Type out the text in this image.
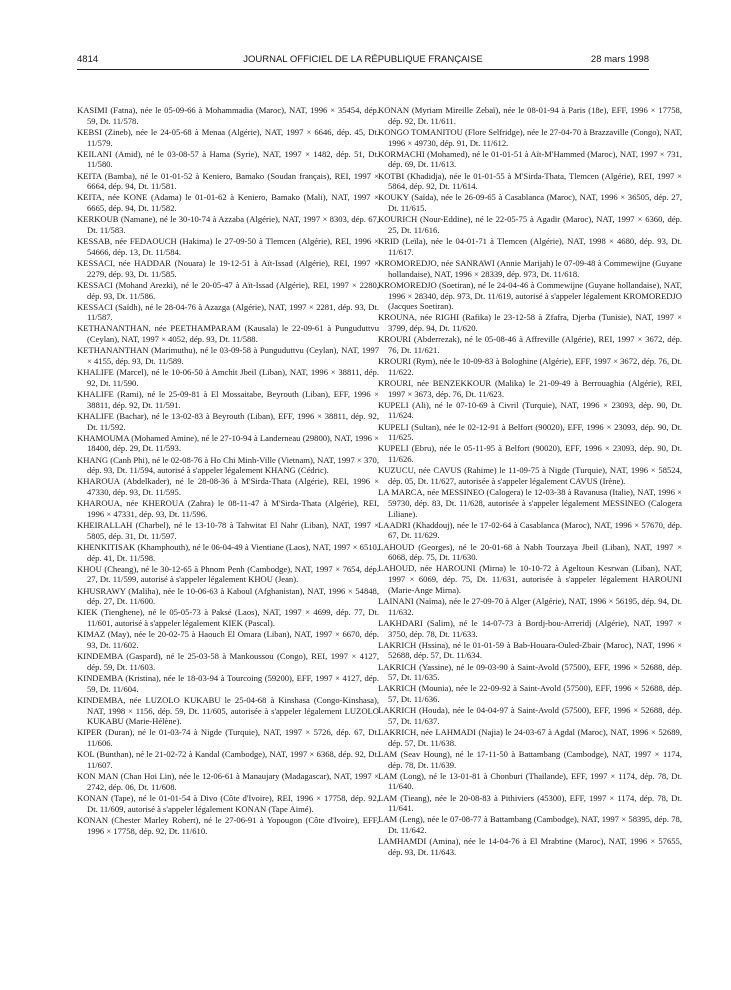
4814	JOURNAL OFFICIEL DE LA RÉPUBLIQUE FRANÇAISE	28 mars 1998

KASIMI (Fatna), née le 05-09-66 à Mohammadia (Maroc), NAT, 1996 × 35454, dép. 59, Dt. 11/578.

KEBSI (Zineb), née le 24-05-68 à Menaa (Algérie), NAT, 1997 × 6646, dép. 45, Dt. 11/579.

KEILANI (Amid), né le 03-08-57 à Hama (Syrie), NAT, 1997 × 1482, dép. 51, Dt. 11/580.

KEITA (Bamba), né le 01-01-52 à Keniero, Bamako (Soudan français), REI, 1997 × 6664, dép. 94, Dt. 11/581.

KEITA, née KONE (Adama) le 01-01-62 à Keniero, Bamako (Mali), NAT, 1997 × 6665, dép. 94, Dt. 11/582.

KERKOUB (Namane), né le 30-10-74 à Azzaba (Algérie), NAT, 1997 × 8303, dép. 67, Dt. 11/583.

KESSAB, née FEDAOUCH (Hakima) le 27-09-50 à Tlemcen (Algérie), REI, 1996 × 54666, dép. 13, Dt. 11/584.

KESSACI, née HADDAR (Nouara) le 19-12-51 à Aït-Issad (Algérie), REI, 1997 × 2279, dép. 93, Dt. 11/585.

KESSACI (Mohand Arezki), né le 20-05-47 à Aït-Issad (Algérie), REI, 1997 × 2280, dép. 93, Dt. 11/586.

KESSACI (Saïdh), né le 28-04-76 à Azazga (Algérie), NAT, 1997 × 2281, dép. 93, Dt. 11/587.

KETHANANTHAN, née PEETHAMPARAM (Kausala) le 22-09-61 à Punguduttvu (Ceylan), NAT, 1997 × 4052, dép. 93, Dt. 11/588.

KETHANANTHAN (Marimuthu), né le 03-09-58 à Punguduttvu (Ceylan), NAT, 1997 × 4155, dép. 93, Dt. 11/589.

KHALIFE (Marcel), né le 10-06-50 à Amchit Jbeil (Liban), NAT, 1996 × 38811, dép. 92, Dt. 11/590.

KHALIFE (Rami), né le 25-09-81 à El Mossaitabe, Beyrouth (Liban), EFF, 1996 × 38811, dép. 92, Dt. 11/591.

KHALIFE (Bachar), né le 13-02-83 à Beyrouth (Liban), EFF, 1996 × 38811, dép. 92, Dt. 11/592.

KHAMOUMA (Mohamed Amine), né le 27-10-94 à Landerneau (29800), NAT, 1996 × 18400, dép. 29, Dt. 11/593.

KHANG (Canh Phi), né le 02-08-76 à Ho Chi Minh-Ville (Vietnam), NAT, 1997 × 370, dép. 93, Dt. 11/594, autorisé à s'appeler légalement KHANG (Cédric).

KHAROUA (Abdelkader), né le 28-08-36 à M'Sirda-Thata (Algérie), REI, 1996 × 47330, dép. 93, Dt. 11/595.

KHAROUA, née KHEROUA (Zahra) le 08-11-47 à M'Sirda-Thata (Algérie), REI, 1996 × 47331, dép. 93, Dt. 11/596.

KHEIRALLAH (Charbel), né le 13-10-78 à Tahwitat El Nahr (Liban), NAT, 1997 × 5805, dép. 31, Dt. 11/597.

KHENKITISAK (Khamphouth), né le 06-04-49 à Vientiane (Laos), NAT, 1997 × 6510, dép. 41, Dt. 11/598.

KHOU (Cheang), né le 30-12-65 à Phnom Penh (Cambodge), NAT, 1997 × 7654, dép. 27, Dt. 11/599, autorisé à s'appeler légalement KHOU (Jean).

KHUSRAWY (Maliha), née le 10-06-63 à Kaboul (Afghanistan), NAT, 1996 × 54848, dép. 27, Dt. 11/600.

KIEK (Tienghene), né le 05-05-73 à Paksé (Laos), NAT, 1997 × 4699, dép. 77, Dt. 11/601, autorisé à s'appeler légalement KIEK (Pascal).

KIMAZ (May), née le 20-02-75 à Haouch El Omara (Liban), NAT, 1997 × 6670, dép. 93, Dt. 11/602.

KINDEMBA (Gaspard), né le 25-03-58 à Mankoussou (Congo), REI, 1997 × 4127, dép. 59, Dt. 11/603.

KINDEMBA (Kristina), née le 18-03-94 à Tourcoing (59200), EFF, 1997 × 4127, dép. 59, Dt. 11/604.

KINDEMBA, née LUZOLO KUKABU le 25-04-68 à Kinshasa (Congo-Kinshasa), NAT, 1998 × 1156, dép. 59, Dt. 11/605, autorisée à s'appeler légalement LUZOLO KUKABU (Marie-Hélène).

KIPER (Duran), né le 01-03-74 à Nigde (Turquie), NAT, 1997 × 5726, dép. 67, Dt. 11/606.

KOL (Bunthan), né le 21-02-72 à Kandal (Cambodge), NAT, 1997 × 6368, dép. 92, Dt. 11/607.

KON MAN (Chan Hoi Lin), née le 12-06-61 à Manaujary (Madagascar), NAT, 1997 × 2742, dép. 06, Dt. 11/608.

KONAN (Tape), né le 01-01-54 à Divo (Côte d'Ivoire), REI, 1996 × 17758, dép. 92, Dt. 11/609, autorisé à s'appeler légalement KONAN (Tape Aimé).

KONAN (Chester Marley Robert), né le 27-06-91 à Yopougon (Côte d'Ivoire), EFF, 1996 × 17758, dép. 92, Dt. 11/610.

KONAN (Myriam Mireille Zebaï), née le 08-01-94 à Paris (18e), EFF, 1996 × 17758, dép. 92, Dt. 11/611.

KONGO TOMANITOU (Flore Selfridge), née le 27-04-70 à Brazzaville (Congo), NAT, 1996 × 49730, dép. 91, Dt. 11/612.

KORMACHI (Mohamed), né le 01-01-51 à Aït-M'Hammed (Maroc), NAT, 1997 × 731, dép. 69, Dt. 11/613.

KOTBI (Khadidja), née le 01-01-55 à M'Sirda-Thata, Tlemcen (Algérie), REI, 1997 × 5864, dép. 92, Dt. 11/614.

KOUKY (Saïda), née le 26-09-65 à Casablanca (Maroc), NAT, 1996 × 36505, dép. 27, Dt. 11/615.

KOURICH (Nour-Eddine), né le 22-05-75 à Agadir (Maroc), NAT, 1997 × 6360, dép. 25, Dt. 11/616.

KRID (Leïla), née le 04-01-71 à Tlemcen (Algérie), NAT, 1998 × 4680, dép. 93, Dt. 11/617.

KROMOREDJO, née SANRAWI (Annie Marijah) le 07-09-48 à Commewijne (Guyane hollandaise), NAT, 1996 × 28339, dép. 973, Dt. 11/618.

KROMOREDJO (Soetiran), né le 24-04-46 à Commewijne (Guyane hollandaise), NAT, 1996 × 28340, dép. 973, Dt. 11/619, autorisé à s'appeler légalement KROMOREDJO (Jacques Soetiran).

KROUNA, née RIGHI (Rafika) le 23-12-58 à Zfafra, Djerba (Tunisie), NAT, 1997 × 3799, dép. 94, Dt. 11/620.

KROURI (Abderrezak), né le 05-08-46 à Affreville (Algérie), REI, 1997 × 3672, dép. 76, Dt. 11/621.

KROURI (Rym), née le 10-09-83 à Bologhine (Algérie), EFF, 1997 × 3672, dép. 76, Dt. 11/622.

KROURI, née BENZEKKOUR (Malika) le 21-09-49 à Berrouaghia (Algérie), REI, 1997 × 3673, dép. 76, Dt. 11/623.

KUPELI (Ali), né le 07-10-69 à Civril (Turquie), NAT, 1996 × 23093, dép. 90, Dt. 11/624.

KUPELI (Sultan), née le 02-12-91 à Belfort (90020), EFF, 1996 × 23093, dép. 90, Dt. 11/625.

KUPELI (Ebru), née le 05-11-95 à Belfort (90020), EFF, 1996 × 23093, dép. 90, Dt. 11/626.

KUZUCU, née CAVUS (Rahime) le 11-09-75 à Nigde (Turquie), NAT, 1996 × 58524, dép. 05, Dt. 11/627, autorisée à s'appeler légalement CAVUS (Irène).

LA MARCA, née MESSINEO (Calogera) le 12-03-38 à Ravanusa (Italie), NAT, 1996 × 59730, dép. 83, Dt. 11/628, autorisée à s'appeler légalement MESSINEO (Calogera Liliane).

LAADRI (Khaddouj), née le 17-02-64 à Casablanca (Maroc), NAT, 1996 × 57670, dép. 67, Dt. 11/629.

LAHOUD (Georges), né le 20-01-68 à Nabh Tourzaya Jbeil (Liban), NAT, 1997 × 6068, dép. 75, Dt. 11/630.

LAHOUD, née HAROUNI (Mirna) le 10-10-72 à Ageltoun Kesrwan (Liban), NAT, 1997 × 6069, dép. 75, Dt. 11/631, autorisée à s'appeler légalement HAROUNI (Marie-Ange Mirna).

LAINANI (Naïma), née le 27-09-70 à Alger (Algérie), NAT, 1996 × 56195, dép. 94, Dt. 11/632.

LAKHDARI (Salim), né le 14-07-73 à Bordj-bou-Arreridj (Algérie), NAT, 1997 × 3750, dép. 78, Dt. 11/633.

LAKRICH (Hssina), né le 01-01-59 à Bab-Houara-Ouled-Zbair (Maroc), NAT, 1996 × 52688, dép. 57, Dt. 11/634.

LAKRICH (Yassine), né le 09-03-90 à Saint-Avold (57500), EFF, 1996 × 52688, dép. 57, Dt. 11/635.

LAKRICH (Mounia), née le 22-09-92 à Saint-Avold (57500), EFF, 1996 × 52688, dép. 57, Dt. 11/636.

LAKRICH (Houda), née le 04-04-97 à Saint-Avold (57500), EFF, 1996 × 52688, dép. 57, Dt. 11/637.

LAKRICH, née LAHMADI (Najia) le 24-03-67 à Agdal (Maroc), NAT, 1996 × 52689, dép. 57, Dt. 11/638.

LAM (Seav Houng), né le 17-11-50 à Battambang (Cambodge), NAT, 1997 × 1174, dép. 78, Dt. 11/639.

LAM (Long), né le 13-01-81 à Chonburi (Thaïlande), EFF, 1997 × 1174, dép. 78, Dt. 11/640.

LAM (Tieang), née le 20-08-83 à Pithiviers (45300), EFF, 1997 × 1174, dép. 78, Dt. 11/641.

LAM (Leng), née le 07-08-77 à Battambang (Cambodge), NAT, 1997 × 58395, dép. 78, Dt. 11/642.

LAMHAMDI (Amina), née le 14-04-76 à El Mrabtine (Maroc), NAT, 1996 × 57655, dép. 93, Dt. 11/643.
